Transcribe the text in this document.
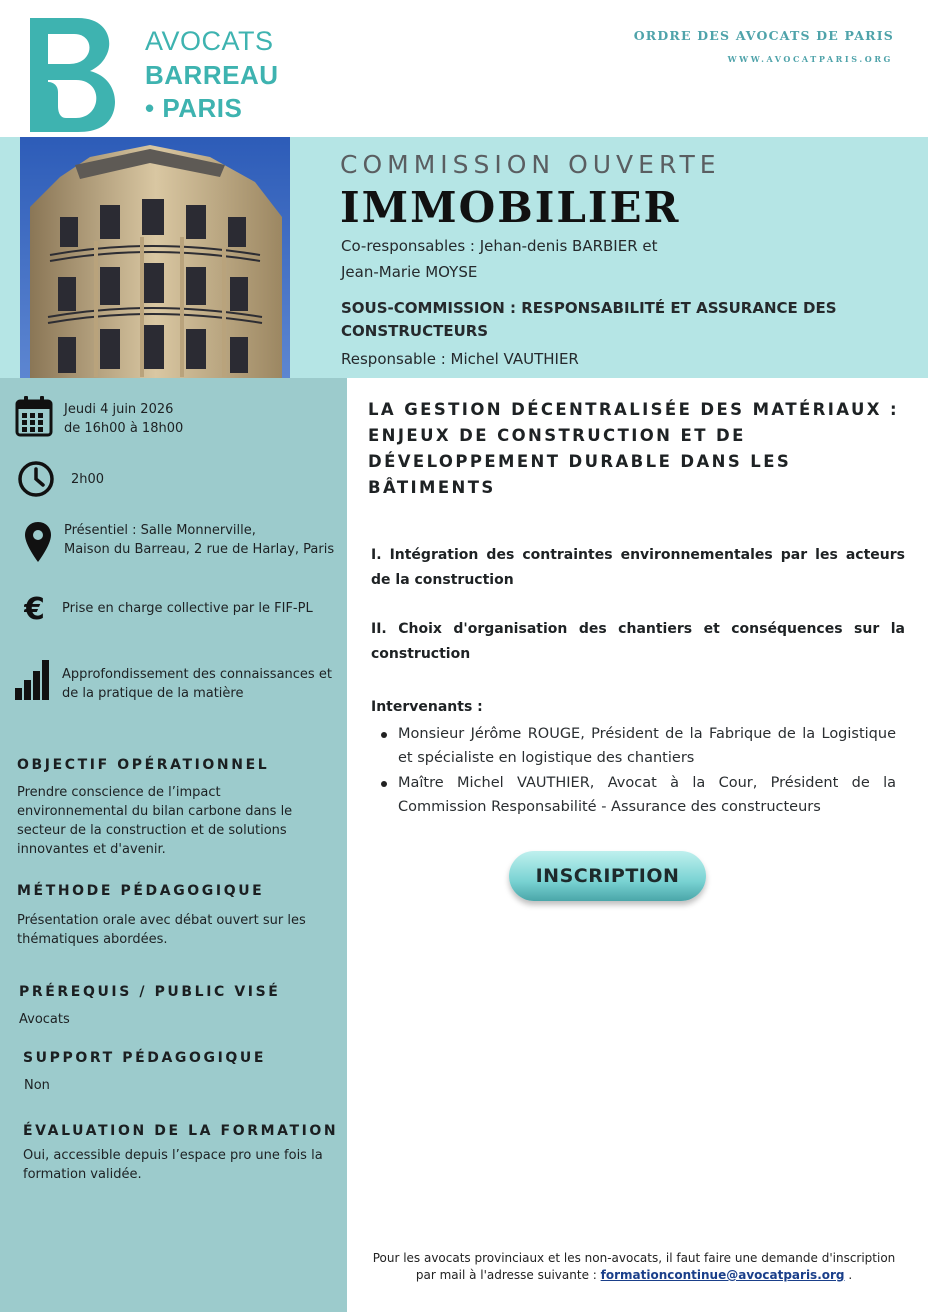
AVOCATS
BARREAU
• PARIS
ORDRE DES AVOCATS DE PARIS
WWW.AVOCATPARIS.ORG
COMMISSION OUVERTE
IMMOBILIER
Co-responsables : Jehan-denis BARBIER et
Jean-Marie MOYSE
SOUS-COMMISSION : RESPONSABILITÉ ET ASSURANCE DES CONSTRUCTEURS
Responsable : Michel VAUTHIER
Jeudi 4 juin 2026
de 16h00 à 18h00
2h00
Présentiel : Salle Monnerville,
Maison du Barreau, 2 rue de Harlay, Paris
€ Prise en charge collective par le FIF-PL
Approfondissement des connaissances et
de la pratique de la matière
OBJECTIF OPÉRATIONNEL
Prendre conscience de l’impact environnemental du bilan carbone dans le secteur de la construction et de solutions innovantes et d'avenir.
MÉTHODE PÉDAGOGIQUE
Présentation orale avec débat ouvert sur les thématiques abordées.
PRÉREQUIS / PUBLIC VISÉ
Avocats
SUPPORT PÉDAGOGIQUE
Non
ÉVALUATION DE LA FORMATION
Oui, accessible depuis l’espace pro une fois la formation validée.
LA GESTION DÉCENTRALISÉE DES MATÉRIAUX : ENJEUX DE CONSTRUCTION ET DE DÉVELOPPEMENT DURABLE DANS LES BÂTIMENTS
I. Intégration des contraintes environnementales par les acteurs de la construction
II. Choix d'organisation des chantiers et conséquences sur la construction
Intervenants :
Monsieur Jérôme ROUGE, Président de la Fabrique de la Logistique et spécialiste en logistique des chantiers
Maître Michel VAUTHIER, Avocat à la Cour, Président de la Commission Responsabilité - Assurance des constructeurs
INSCRIPTION
Pour les avocats provinciaux et les non-avocats, il faut faire une demande d'inscription
par mail à l'adresse suivante : formationcontinue@avocatparis.org .
